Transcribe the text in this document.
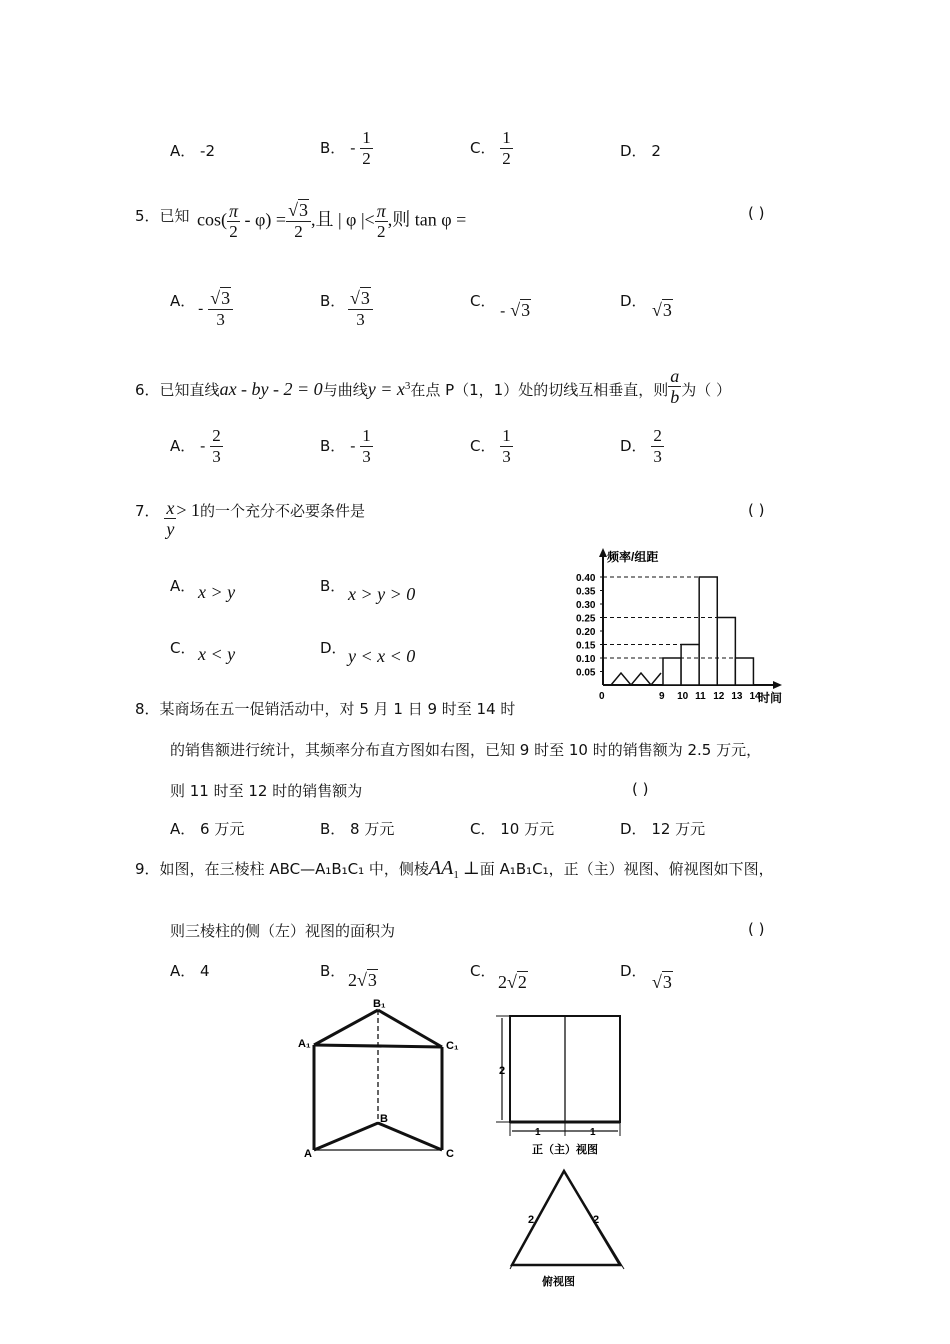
A． -2	B． - $\frac{1}{2}$	C． $\frac{1}{2}$	D． 2
5．已知 $\cos( \frac{\pi}{2} - \varphi) = \frac{√3}{2}$ ,且 | φ |< $\frac{\pi}{2}$ ,则 tan φ =	( )
A． - $\frac{√3}{3}$	B． $\frac{√3}{3}$	C．
- √3	D． √3
6．已知直线ax - by - 2 = 0与曲线$y = x^3$在点 P（1，1）处的切线互相垂直，则 $\frac{a}{b}$ 为（ ）
A． - $\frac{2}{3}$	B． - $\frac{1}{3}$	C． $\frac{1}{3}$	D． $\frac{2}{3}$
7． $\frac{x}{y} > 1$的一个充分不必要条件是	( )
A． x > y	B． x > y > 0
C． x < y	D． y < x < 0
频率/组距
时间
0.05
0.10
0.15
0.20
0.25
0.30
0.35
0.40
0	9 10 11 12 13 14
8．某商场在五一促销活动中，对 5 月 1 日 9 时至 14 时
的销售额进行统计，其频率分布直方图如右图，已知 9 时至 10 时的销售额为 2.5 万元，
则 11 时至 12 时的销售额为	( )
A． 6 万元	B． 8 万元	C． 10 万元	D． 12 万元
9．如图，在三棱柱 ABC—A₁B₁C₁ 中，侧棱$AA_1$ ⊥面 A₁B₁C₁，正（主）视图、俯视图如下图，
则三棱柱的侧（左）视图的面积为	( )
A． 4	B． 2√3	C．
2√2
D．
√3
B₁
A₁	C₁
B
A	C
2
1	1
正（主）视图
2	2
俯视图
